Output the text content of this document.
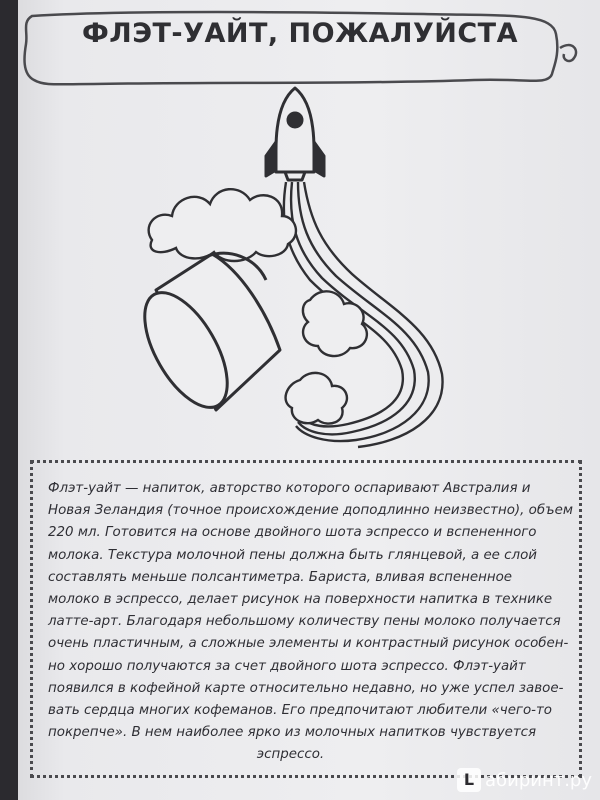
ФЛЭТ-УАЙТ, ПОЖАЛУЙСТА
Флэт-уайт — напиток, авторство которого оспаривают Австралия и
Новая Зеландия (точное происхождение доподлинно неизвестно), объем
220 мл. Готовится на основе двойного шота эспрессо и вспененного
молока. Текстура молочной пены должна быть глянцевой, а ее слой
составлять меньше полсантиметра. Бариста, вливая вспененное
молоко в эспрессо, делает рисунок на поверхности напитка в технике
латте-арт. Благодаря небольшому количеству пены молоко получается
очень пластичным, а сложные элементы и контрастный рисунок особен-
но хорошо получаются за счет двойного шота эспрессо. Флэт-уайт
появился в кофейной карте относительно недавно, но уже успел завое-
вать сердца многих кофеманов. Его предпочитают любители «чего-то
покрепче». В нем наиболее ярко из молочных напитков чувствуется
эспрессо.
L абиринт.ру
